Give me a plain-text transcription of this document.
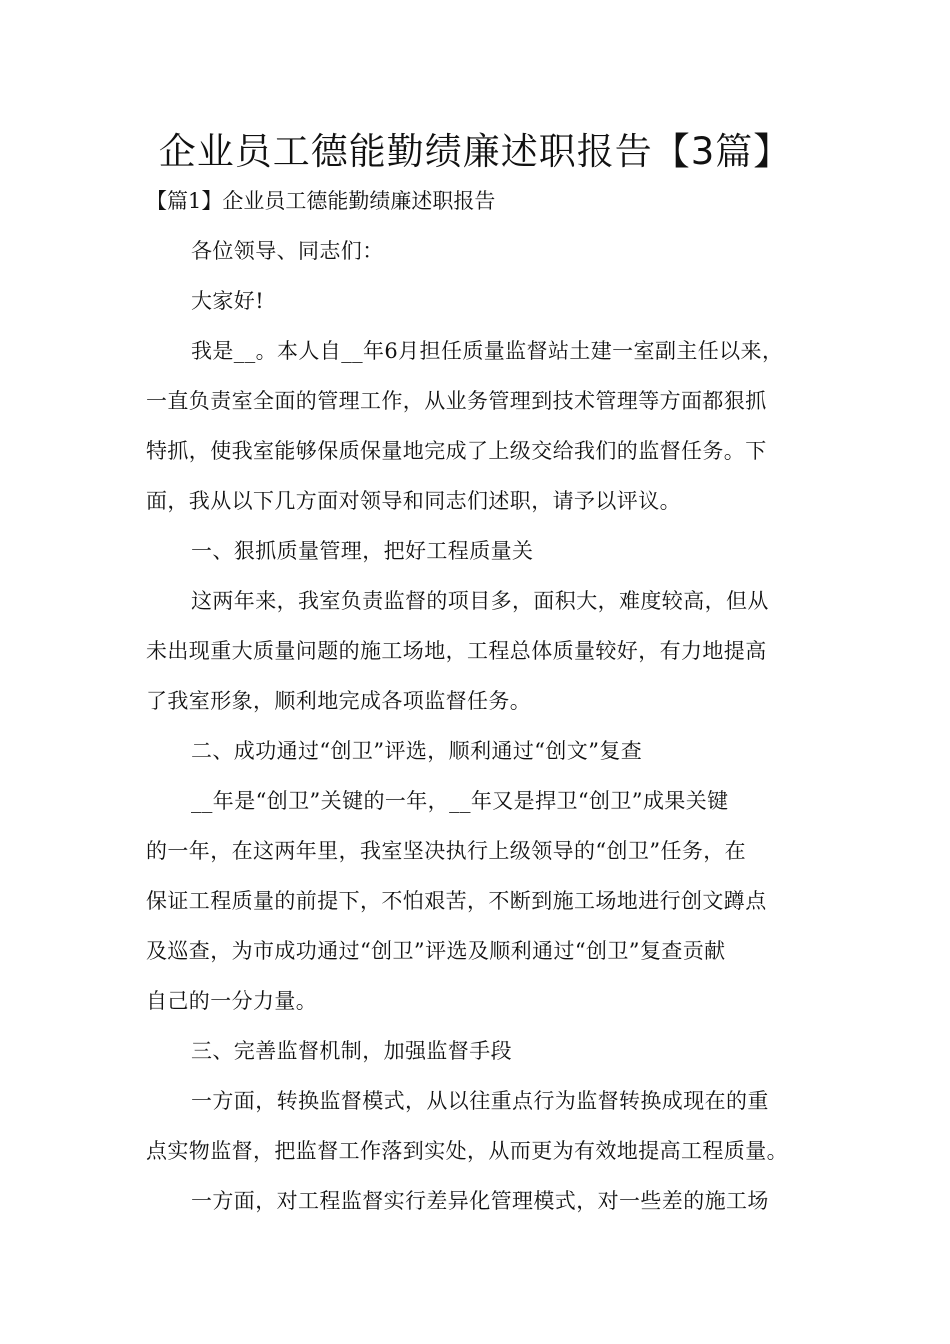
企业员工德能勤绩廉述职报告【3篇】

【篇1】企业员工德能勤绩廉述职报告

各位领导、同志们：

大家好!

我是__。本人自__年6月担任质量监督站土建一室副主任以来，

一直负责室全面的管理工作，从业务管理到技术管理等方面都狠抓

特抓，使我室能够保质保量地完成了上级交给我们的监督任务。下

面，我从以下几方面对领导和同志们述职，请予以评议。

一、狠抓质量管理，把好工程质量关

这两年来，我室负责监督的项目多，面积大，难度较高，但从

未出现重大质量问题的施工场地，工程总体质量较好，有力地提高

了我室形象，顺利地完成各项监督任务。

二、成功通过“创卫”评选，顺利通过“创文”复查

__年是“创卫”关键的一年，__年又是捍卫“创卫”成果关键

的一年，在这两年里，我室坚决执行上级领导的“创卫”任务，在

保证工程质量的前提下，不怕艰苦，不断到施工场地进行创文蹲点

及巡查，为市成功通过“创卫”评选及顺利通过“创卫”复查贡献

自己的一分力量。

三、完善监督机制，加强监督手段

一方面，转换监督模式，从以往重点行为监督转换成现在的重

点实物监督，把监督工作落到实处，从而更为有效地提高工程质量。

一方面，对工程监督实行差异化管理模式，对一些差的施工场
